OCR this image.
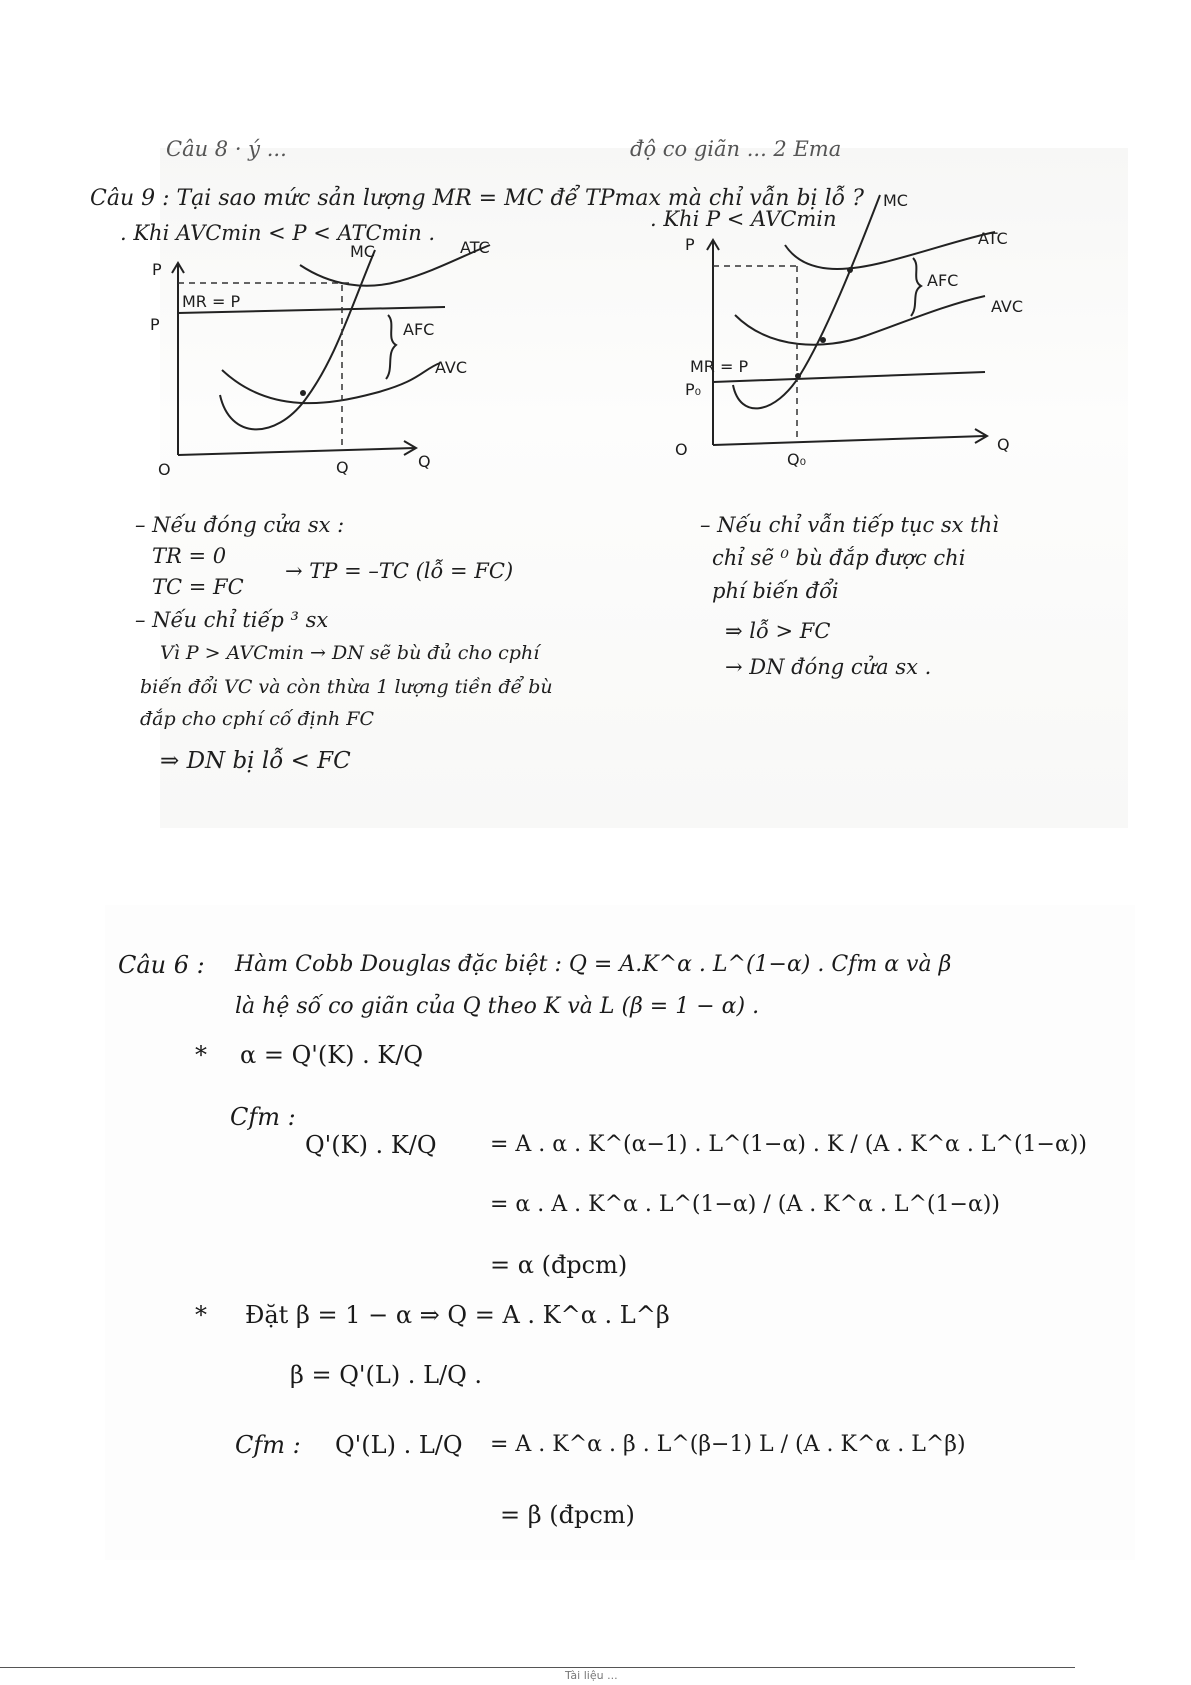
Câu 8 · ý ...	độ co giãn ... 2 Ema
Câu 9 : Tại sao mức sản lượng MR = MC để TPmax mà chỉ vẫn bị lỗ ?
. Khi AVCmin < P < ATCmin .
. Khi P < AVCmin
P
P
MR = P
MC	ATC
AFC
AVC
O	Q	Q
MC
P	ATC
AFC
AVC
MR = P
P₀
O
Q₀
Q
– Nếu đóng cửa sx :
TR = 0
TC = FC
→ TP = –TC (lỗ = FC)
– Nếu chỉ tiếp ³ sx
Vì P > AVCmin → DN sẽ bù đủ cho cphí
biến đổi VC và còn thừa 1 lượng tiền để bù
đắp cho cphí cố định FC
⇒ DN bị lỗ < FC
– Nếu chỉ vẫn tiếp tục sx thì
chỉ sẽ ⁰ bù đắp được chi
phí biến đổi
⇒ lỗ > FC
→ DN đóng cửa sx .
Câu 6 : Hàm Cobb Douglas đặc biệt : Q = A.K^α . L^(1−α) . Cfm α và β
là hệ số co giãn của Q theo K và L (β = 1 − α) .
* α = Q'(K) . K/Q
Cfm :
Q'(K) . K/Q = A . α . K^(α−1) . L^(1−α) . K / (A . K^α . L^(1−α))
= α . A . K^α . L^(1−α) / (A . K^α . L^(1−α))
= α (đpcm)
* Đặt β = 1 − α ⇒ Q = A . K^α . L^β
β = Q'(L) . L/Q .
Cfm : Q'(L) . L/Q = A . K^α . β . L^(β−1) L / (A . K^α . L^β)
= β (đpcm)
Tài liệu ...
